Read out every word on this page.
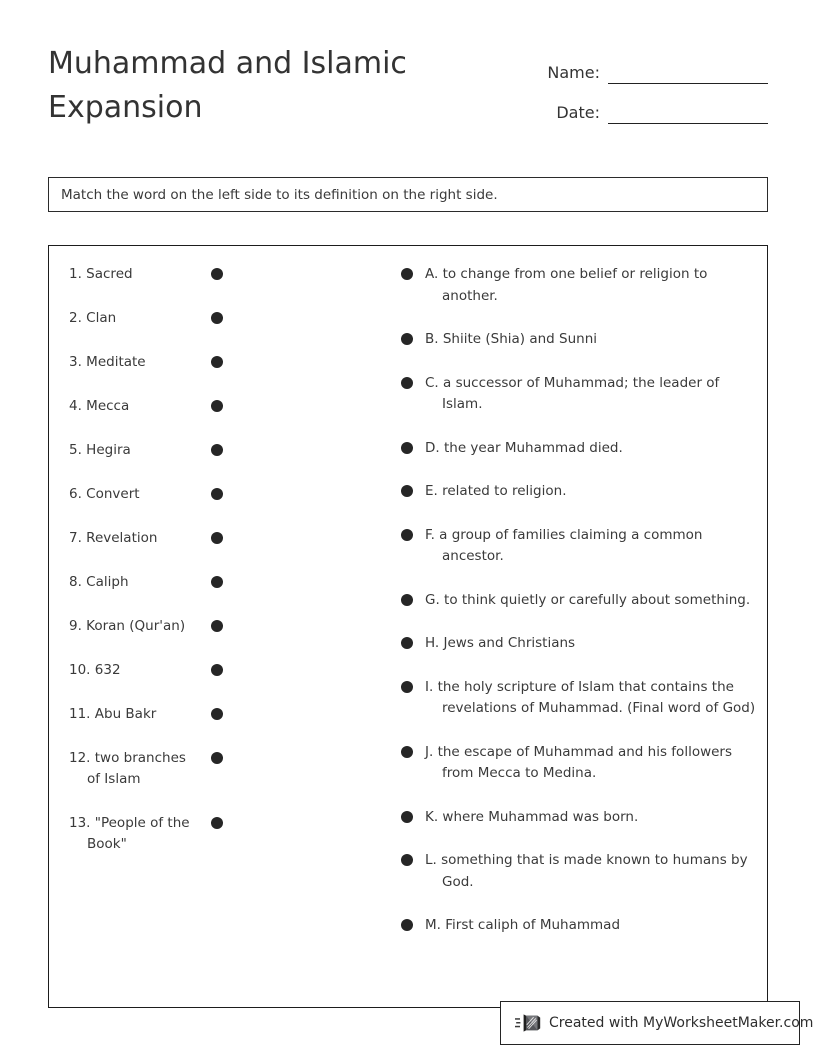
Muhammad and Islamic Expansion
Name:
Date:
Match the word on the left side to its definition on the right side.
1. Sacred
2. Clan
3. Meditate
4. Mecca
5. Hegira
6. Convert
7. Revelation
8. Caliph
9. Koran (Qur'an)
10. 632
11. Abu Bakr
12. two branches of Islam
13. "People of the Book"
A. to change from one belief or religion to another.
B. Shiite (Shia) and Sunni
C. a successor of Muhammad; the leader of Islam.
D. the year Muhammad died.
E. related to religion.
F. a group of families claiming a common ancestor.
G. to think quietly or carefully about something.
H. Jews and Christians
I. the holy scripture of Islam that contains the revelations of Muhammad. (Final word of God)
J. the escape of Muhammad and his followers from Mecca to Medina.
K. where Muhammad was born.
L. something that is made known to humans by God.
M. First caliph of Muhammad
Created with MyWorksheetMaker.com
